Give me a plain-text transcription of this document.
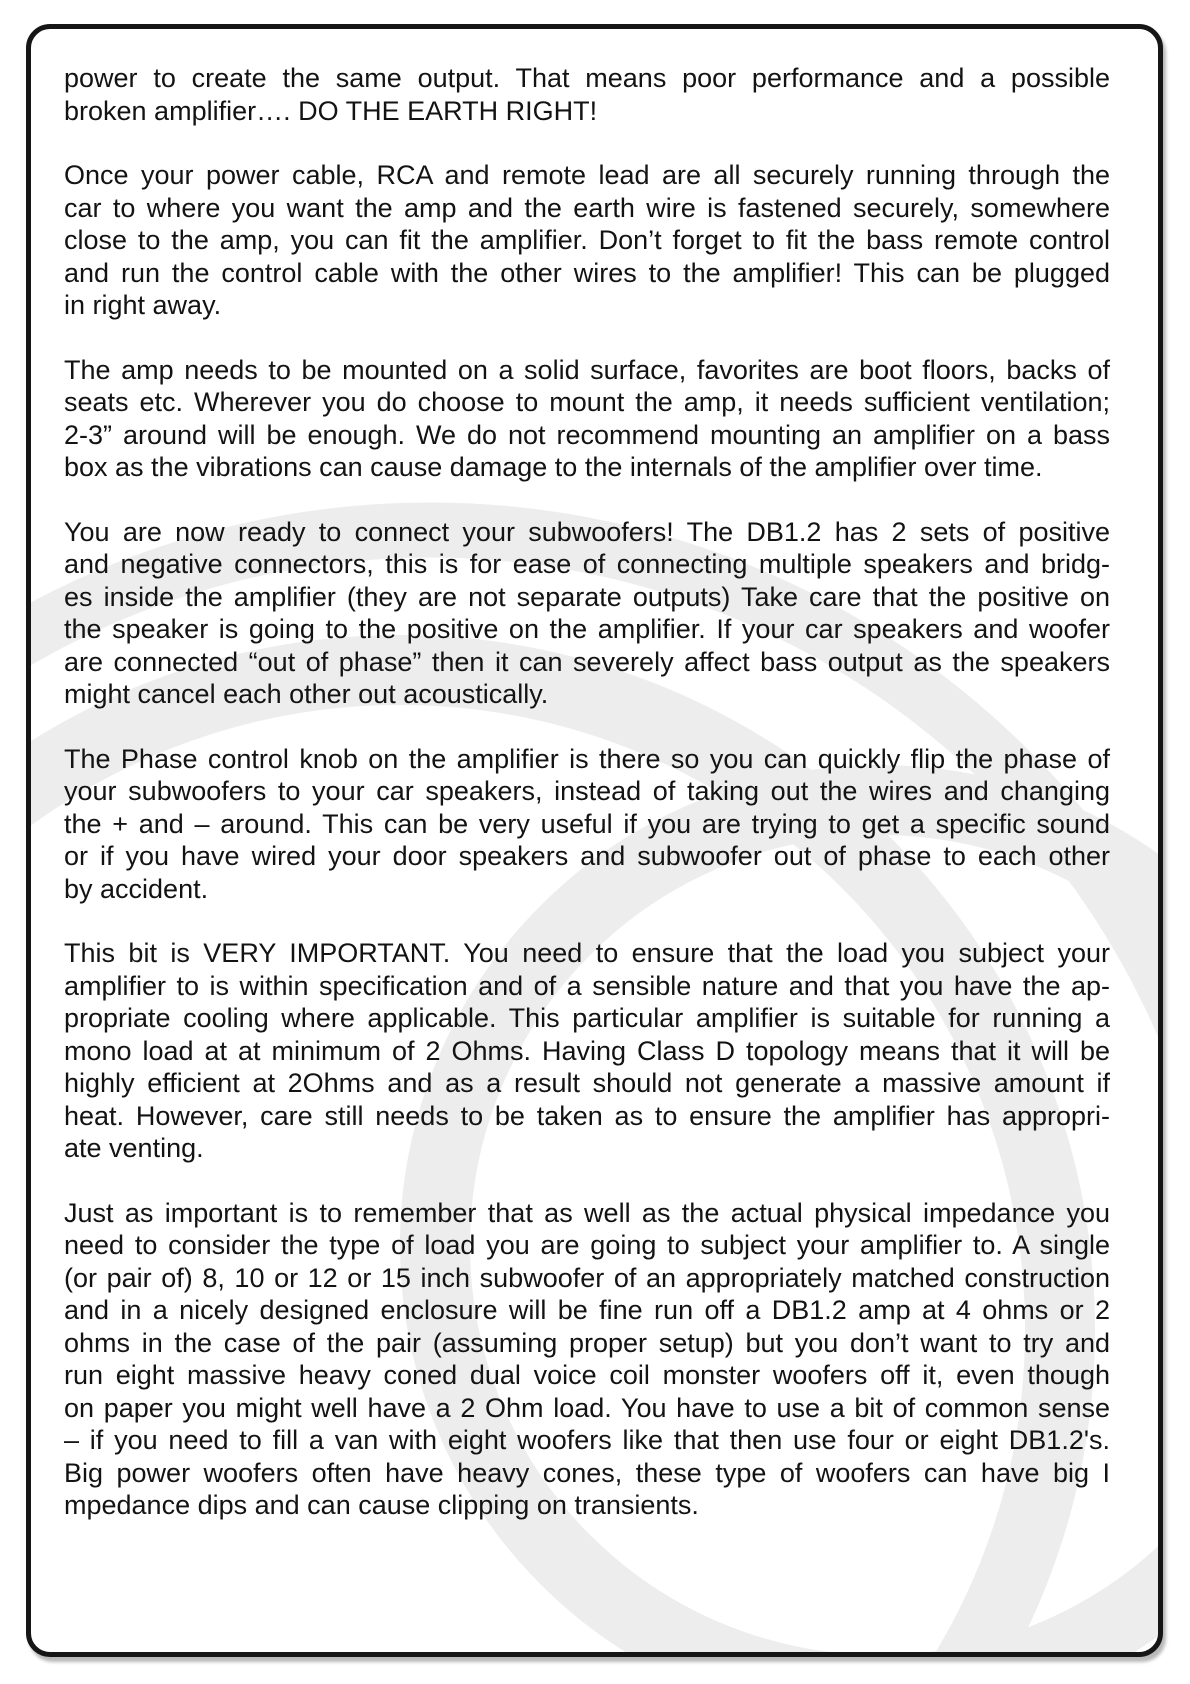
power to create the same output. That means poor performance and a possible
broken amplifier…. DO THE EARTH RIGHT!
Once your power cable, RCA and remote lead are all securely running through the
car to where you want the amp and the earth wire is fastened securely, somewhere
close to the amp, you can fit the amplifier. Don’t forget to fit the bass remote control
and run the control cable with the other wires to the amplifier! This can be plugged
in right away.
The amp needs to be mounted on a solid surface, favorites are boot floors, backs of
seats etc. Wherever you do choose to mount the amp, it needs sufficient ventilation;
2-3” around will be enough. We do not recommend mounting an amplifier on a bass
box as the vibrations can cause damage to the internals of the amplifier over time.
You are now ready to connect your subwoofers! The DB1.2 has 2 sets of positive
and negative connectors, this is for ease of connecting multiple speakers and bridg-
es inside the amplifier (they are not separate outputs) Take care that the positive on
the speaker is going to the positive on the amplifier. If your car speakers and woofer
are connected “out of phase” then it can severely affect bass output as the speakers
might cancel each other out acoustically.
The Phase control knob on the amplifier is there so you can quickly flip the phase of
your subwoofers to your car speakers, instead of taking out the wires and changing
the + and – around. This can be very useful if you are trying to get a specific sound
or if you have wired your door speakers and subwoofer out of phase to each other
by accident.
This bit is VERY IMPORTANT. You need to ensure that the load you subject your
amplifier to is within specification and of a sensible nature and that you have the ap-
propriate cooling where applicable. This particular amplifier is suitable for running a
mono load at at minimum of 2 Ohms. Having Class D topology means that it will be
highly efficient at 2Ohms and as a result should not generate a massive amount if
heat. However, care still needs to be taken as to ensure the amplifier has appropri-
ate venting.
Just as important is to remember that as well as the actual physical impedance you
need to consider the type of load you are going to subject your amplifier to. A single
(or pair of) 8, 10 or 12 or 15 inch subwoofer of an appropriately matched construction
and in a nicely designed enclosure will be fine run off a DB1.2 amp at 4 ohms or 2
ohms in the case of the pair (assuming proper setup) but you don’t want to try and
run eight massive heavy coned dual voice coil monster woofers off it, even though
on paper you might well have a 2 Ohm load. You have to use a bit of common sense
– if you need to fill a van with eight woofers like that then use four or eight DB1.2's.
Big power woofers often have heavy cones, these type of woofers can have big I
mpedance dips and can cause clipping on transients.
